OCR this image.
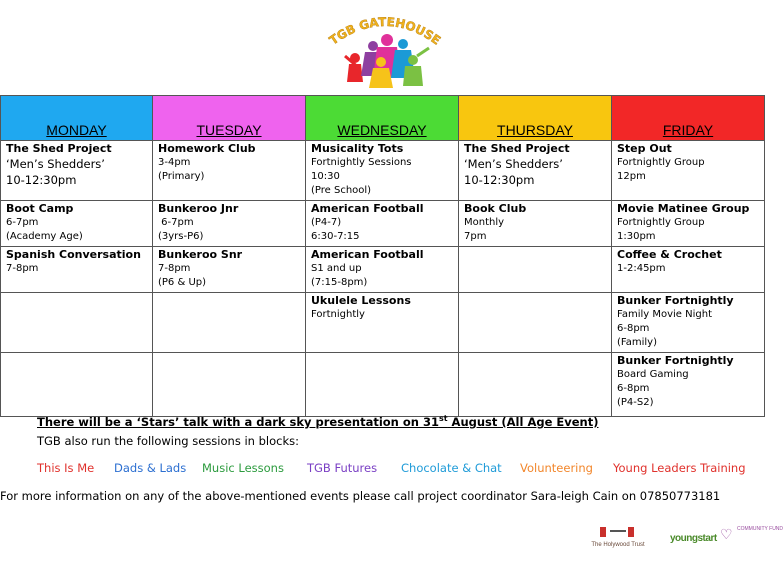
TGB GATEHOUSE
MONDAY	TUESDAY	WEDNESDAY	THURSDAY	FRIDAY

The Shed Project
‘Men’s Shedders’
10-12:30pm	Homework Club
3-4pm
(Primary)	Musicality Tots
Fortnightly Sessions
10:30
(Pre School)	The Shed Project
‘Men’s Shedders’
10-12:30pm	Step Out
Fortnightly Group
12pm

Boot Camp
6-7pm
(Academy Age)	Bunkeroo Jnr
6-7pm
(3yrs-P6)	American Football
(P4-7)
6:30-7:15	Book Club
Monthly
7pm	Movie Matinee Group
Fortnightly Group
1:30pm

Spanish Conversation
7-8pm	Bunkeroo Snr
7-8pm
(P6 & Up)	American Football
S1 and up
(7:15-8pm)		Coffee & Crochet
1-2:45pm

		Ukulele Lessons
Fortnightly		Bunker Fortnightly
Family Movie Night
6-8pm
(Family)

				Bunker Fortnightly
Board Gaming
6-8pm
(P4-S2)

There will be a ‘Stars’ talk with a dark sky presentation on 31st August (All Age Event)

TGB also run the following sessions in blocks:

This Is Me Dads & Lads Music Lessons TGB Futures Chocolate & Chat Volunteering Young Leaders Training

For more information on any of the above-mentioned events please call project coordinator Sara-leigh Cain on 07850773181

The Holywood Trust
youngstart ♡ COMMUNITY FUND
